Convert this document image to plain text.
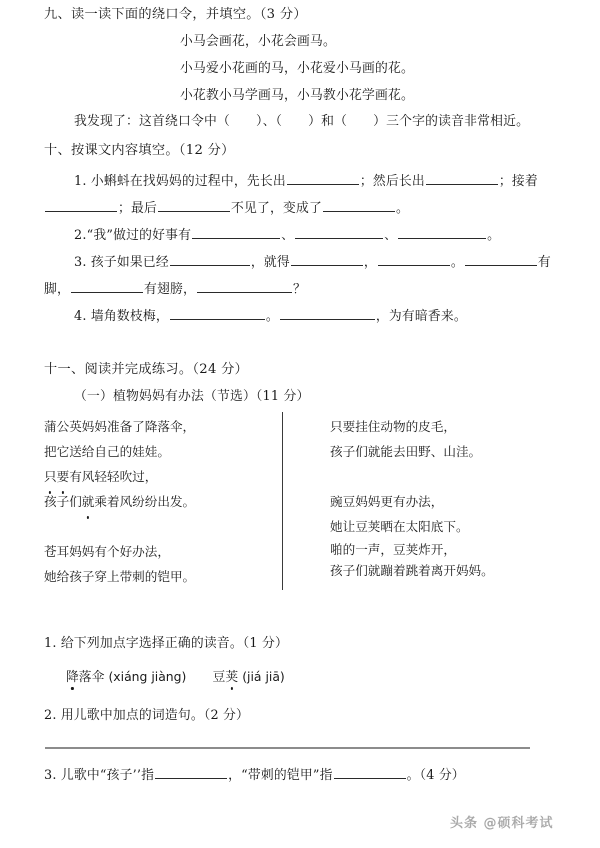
九、读一读下面的绕口令，并填空。（3 分）
小马会画花，小花会画马。
小马爱小花画的马，小花爱小马画的花。
小花教小马学画马，小马教小花学画花。
我发现了：这首绕口令中（ ）、（ ）和（ ）三个字的读音非常相近。
十、按课文内容填空。（12 分）
1. 小蝌蚪在找妈妈的过程中，先长出	；然后长出	；接着
；最后	不见了，变成了	。
2.“我”做过的好事有	、	、	。
3. 孩子如果已经	，就得	，	。	有
脚，	有翅膀，	？
4. 墙角数枝梅，	。	，为有暗香来。
十一、阅读并完成练习。（24 分）
（一）植物妈妈有办法（节选）（11 分）
蒲公英妈妈准备了降落伞，
把它送给自己的娃娃。
只要有风轻轻吹过，
孩子们就乘着风纷纷出发。
苍耳妈妈有个好办法，
她给孩子穿上带刺的铠甲。
只要挂住动物的皮毛，
孩子们就能去田野、山洼。
豌豆妈妈更有办法，
她让豆荚晒在太阳底下。
啪的一声，豆荚炸开，
孩子们就蹦着跳着离开妈妈。
1. 给下列加点字选择正确的读音。（1 分）
降落伞 (xiáng jiàng) 豆荚 (jiá jiā)
2. 用儿歌中加点的词造句。（2 分）
3. 儿歌中“孩子’’指	，“带刺的铠甲”指	。（4 分）
头条 @硕科考试
